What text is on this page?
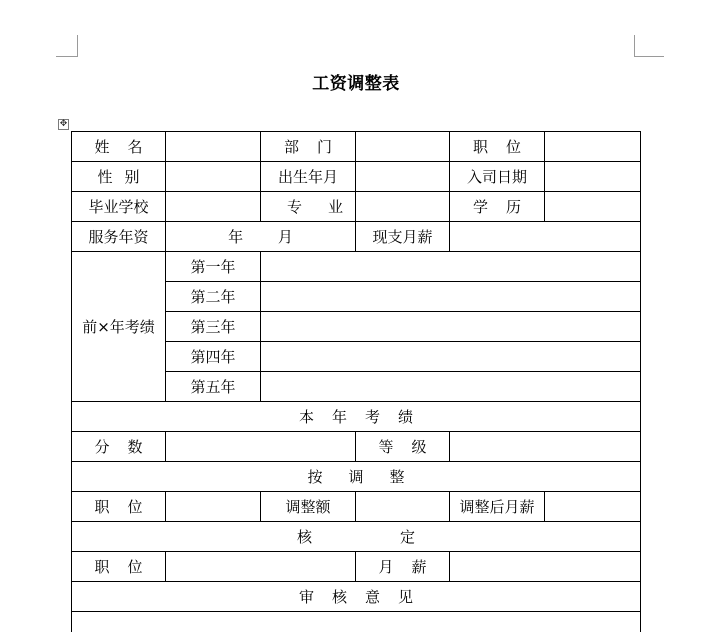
工资调整表
✥
姓名		部门		职位	
性别		出生年月		入司日期	
毕业学校		专业		学历	
服务年资	年 月		现支月薪		
前×年考绩	第一年				
	第二年				
	第三年				
	第四年				
	第五年				
本年考绩					
分数			等级		
按调整					
职位		调整额		调整后月薪	
核定					
职位			月薪		
审核意见					
